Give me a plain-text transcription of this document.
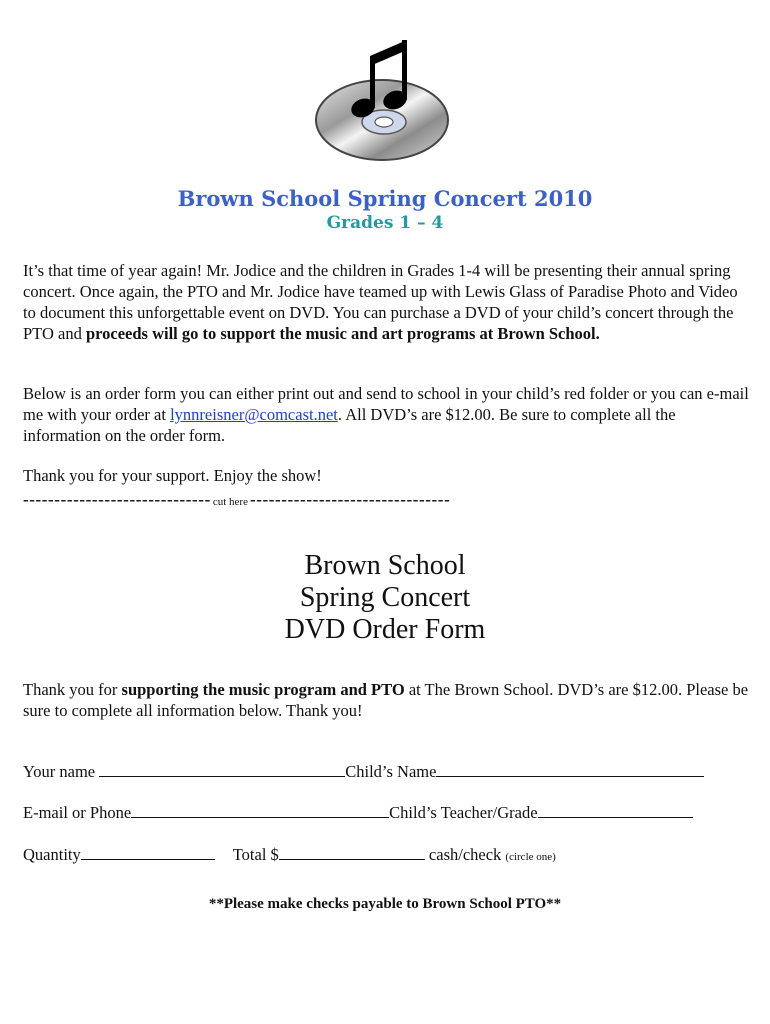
Brown School Spring Concert 2010
Grades 1 – 4
It’s that time of year again! Mr. Jodice and the children in Grades 1-4 will be presenting their annual spring concert. Once again, the PTO and Mr. Jodice have teamed up with Lewis Glass of Paradise Photo and Video to document this unforgettable event on DVD. You can purchase a DVD of your child’s concert through the PTO and proceeds will go to support the music and art programs at Brown School.
Below is an order form you can either print out and send to school in your child’s red folder or you can e-mail me with your order at lynnreisner@comcast.net. All DVD’s are $12.00. Be sure to complete all the information on the order form.
Thank you for your support. Enjoy the show!
------------------------------ cut here --------------------------------
Brown School
Spring Concert
DVD Order Form
Thank you for supporting the music program and PTO at The Brown School. DVD’s are $12.00. Please be sure to complete all information below. Thank you!
Your name	Child’s Name
E-mail or Phone	Child’s Teacher/Grade
Quantity	Total $	cash/check (circle one)
**Please make checks payable to Brown School PTO**
